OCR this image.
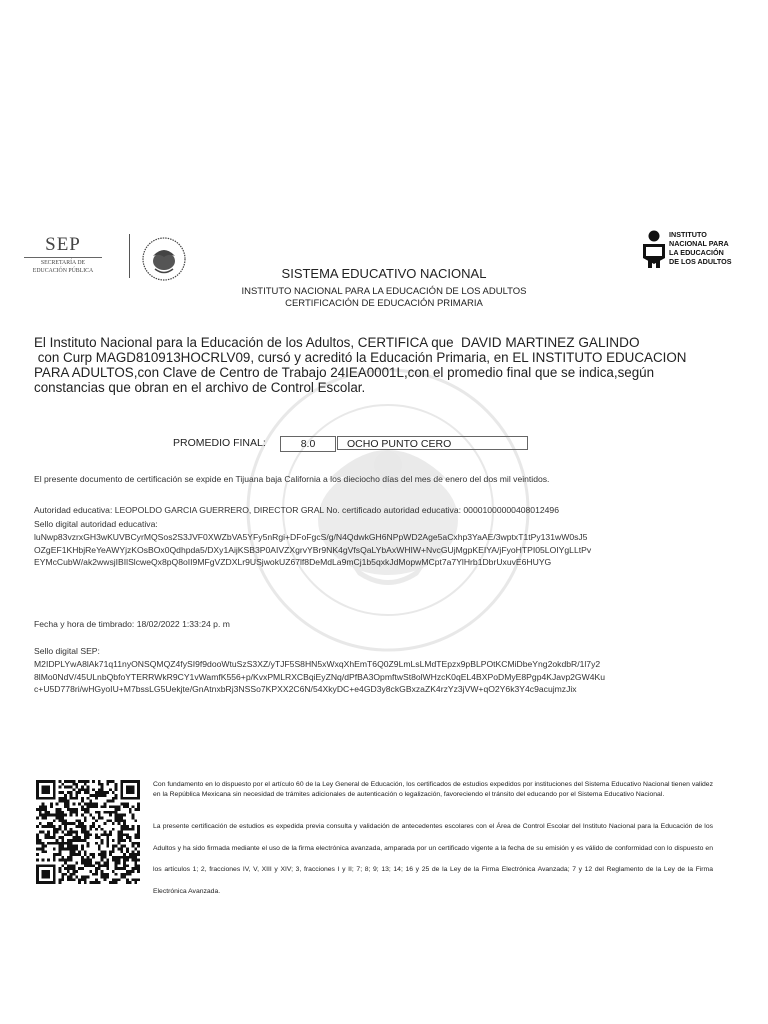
SEP
SECRETARÍA DE
EDUCACIÓN PÚBLICA
INSTITUTO
NACIONAL PARA
LA EDUCACIÓN
DE LOS ADULTOS
SISTEMA EDUCATIVO NACIONAL
INSTITUTO NACIONAL PARA LA EDUCACIÓN DE LOS ADULTOS
CERTIFICACIÓN DE EDUCACIÓN PRIMARIA
El Instituto Nacional para la Educación de los Adultos, CERTIFICA que DAVID MARTINEZ GALINDO
con Curp MAGD810913HOCRLV09, cursó y acreditó la Educación Primaria, en EL INSTITUTO EDUCACION
PARA ADULTOS,con Clave de Centro de Trabajo 24IEA0001L,con el promedio final que se indica,según
constancias que obran en el archivo de Control Escolar.
PROMEDIO FINAL:	8.0	OCHO PUNTO CERO
El presente documento de certificación se expide en Tijuana baja California a los dieciocho días del mes de enero del dos mil veintidos.
Autoridad educativa: LEOPOLDO GARCIA GUERRERO, DIRECTOR GRAL No. certificado autoridad educativa: 00001000000408012496
Sello digital autoridad educativa:
luNwp83vzrxGH3wKUVBCyrMQSos2S3JVF0XWZbVA5YFy5nRgi+DFoFgcS/g/N4QdwkGH6NPpWD2Age5aCxhp3YaAE/3wptxT1tPy131wW0sJ5
OZgEF1KHbjReYeAWYjzKOsBOx0Qdhpda5/DXy1AijKSB3P0AIVZXgrvYBr9NK4gVfsQaLYbAxWHIW+NvcGUjMgpKEIYA/jFyoHTPI05LOIYgLLtPv
EYMcCubW/ak2wwsjIBIlSlcweQx8pQ8oII9MFgVZDXLr9USjwokUZ67lf8DeMdLa9mCj1b5qxkJdMopwMCpt7a7YlHrb1DbrUxuvE6HUYG
Fecha y hora de timbrado: 18/02/2022 1:33:24 p. m
Sello digital SEP:
M2IDPLYwA8lAk71q11nyONSQMQZ4fySI9f9dooWtuSzS3XZ/yTJF5S8HN5xWxqXhEmT6Q0Z9LmLsLMdTEpzx9pBLPOtKCMiDbeYng2okdbR/1l7y2
8lMo0NdV/45ULnbQbfoYTERRWkR9CY1vWamfK556+p/KvxPMLRXCBqiEyZNq/dPfBA3OpmftwSt8olWHzcK0qEL4BXPoDMyE8Pgp4KJavp2GW4Ku
c+U5D778ri/wHGyoIU+M7bssLG5Uekjte/GnAtnxbRj3NSSo7KPXX2C6N/54XkyDC+e4GD3y8ckGBxzaZK4rzYz3jVW+qO2Y6k3Y4c9acujmzJix
Con fundamento en lo dispuesto por el artículo 60 de la Ley General de Educación, los certificados de estudios expedidos por instituciones del Sistema Educativo Nacional tienen validez en la República Mexicana sin necesidad de trámites adicionales de autenticación o legalización, favoreciendo el tránsito del educando por el Sistema Educativo Nacional.
La presente certificación de estudios es expedida previa consulta y validación de antecedentes escolares con el Área de Control Escolar del Instituto Nacional para la Educación de los Adultos y ha sido firmada mediante el uso de la firma electrónica avanzada, amparada por un certificado vigente a la fecha de su emisión y es válido de conformidad con lo dispuesto en los artículos 1; 2, fracciones IV, V, XIII y XIV; 3, fracciones I y II; 7; 8; 9; 13; 14; 16 y 25 de la Ley de la Firma Electrónica Avanzada; 7 y 12 del Reglamento de la Ley de la Firma Electrónica Avanzada.
